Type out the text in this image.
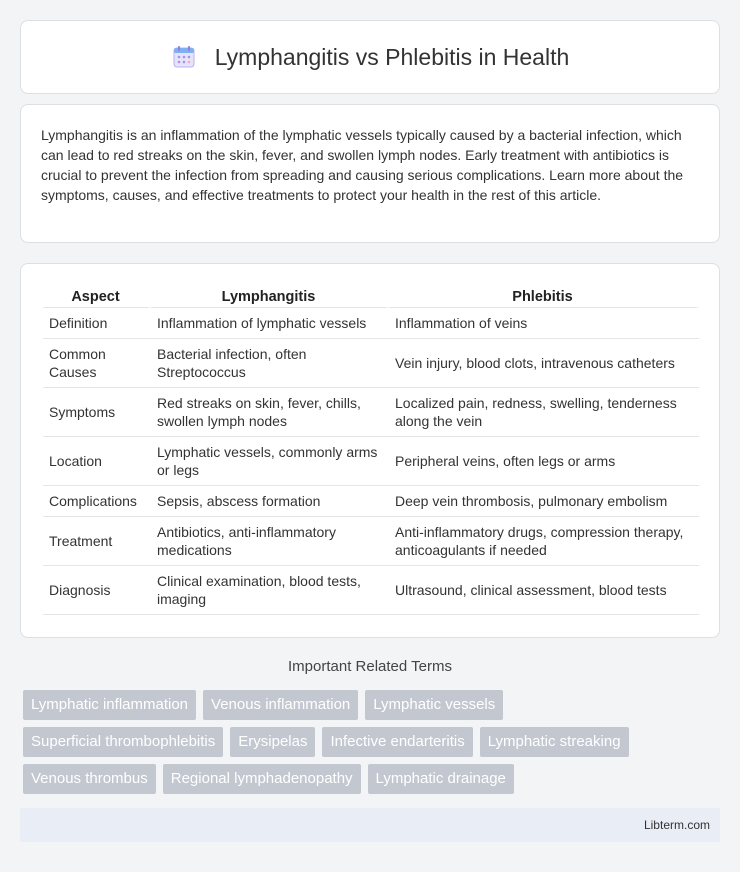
Lymphangitis vs Phlebitis in Health

Lymphangitis is an inflammation of the lymphatic vessels typically caused by a bacterial infection, which can lead to red streaks on the skin, fever, and swollen lymph nodes. Early treatment with antibiotics is crucial to prevent the infection from spreading and causing serious complications. Learn more about the symptoms, causes, and effective treatments to protect your health in the rest of this article.

Aspect	Lymphangitis	Phlebitis
Definition	Inflammation of lymphatic vessels	Inflammation of veins
Common Causes	Bacterial infection, often Streptococcus	Vein injury, blood clots, intravenous catheters
Symptoms	Red streaks on skin, fever, chills, swollen lymph nodes	Localized pain, redness, swelling, tenderness along the vein
Location	Lymphatic vessels, commonly arms or legs	Peripheral veins, often legs or arms
Complications	Sepsis, abscess formation	Deep vein thrombosis, pulmonary embolism
Treatment	Antibiotics, anti-inflammatory medications	Anti-inflammatory drugs, compression therapy, anticoagulants if needed
Diagnosis	Clinical examination, blood tests, imaging	Ultrasound, clinical assessment, blood tests
Important Related Terms
Lymphatic inflammation	Venous inflammation	Lymphatic vessels
Superficial thrombophlebitis	Erysipelas	Infective endarteritis	Lymphatic streaking
Venous thrombus	Regional lymphadenopathy	Lymphatic drainage
Libterm.com
